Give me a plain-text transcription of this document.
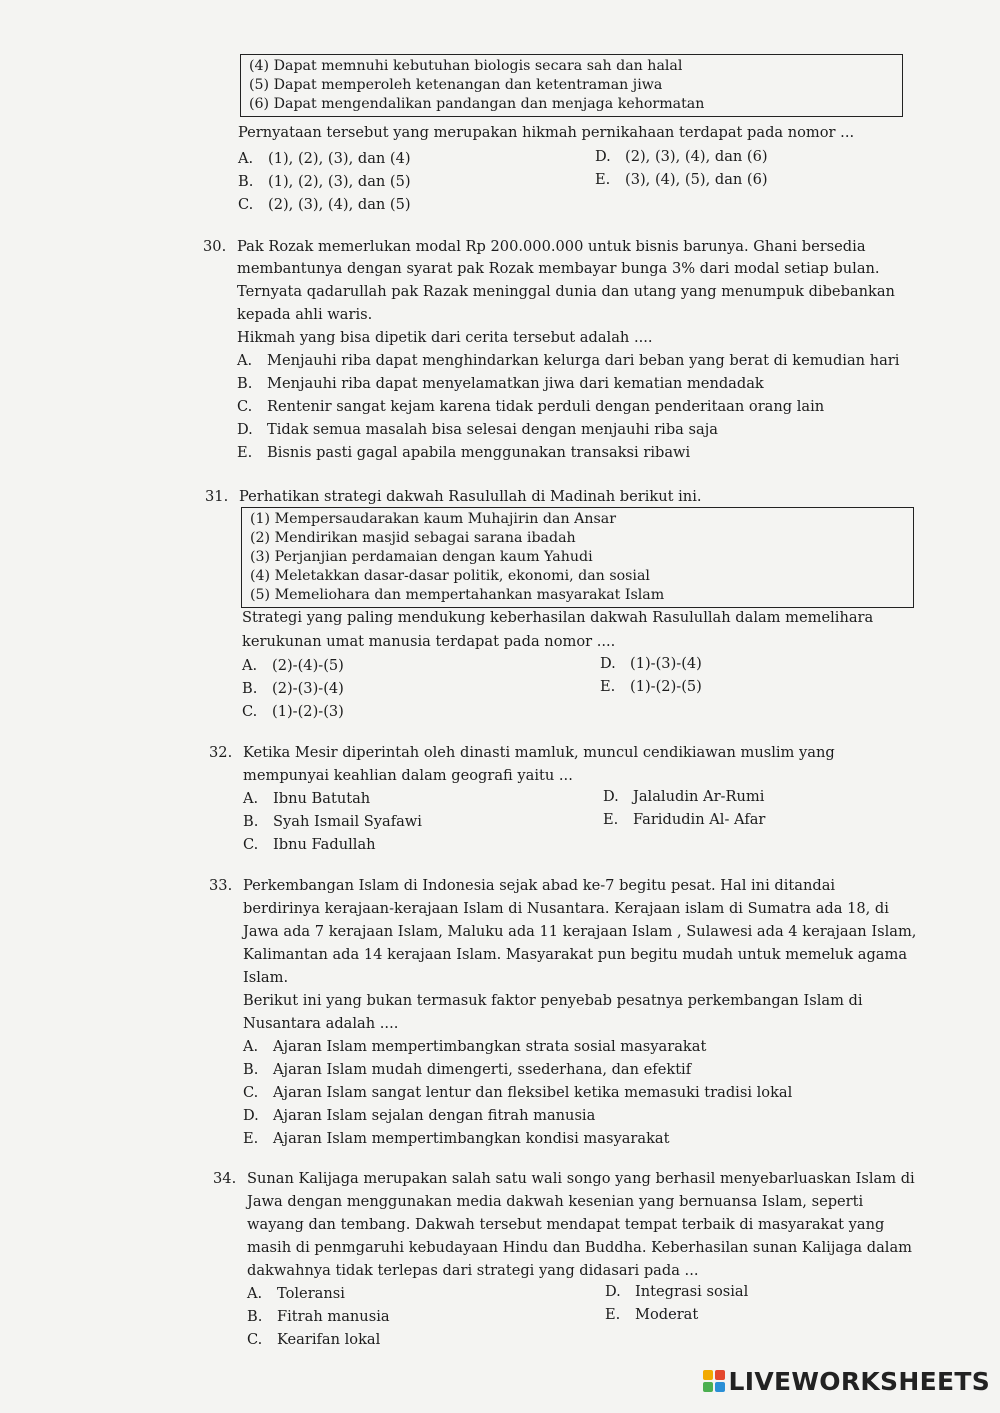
(4) Dapat memnuhi kebutuhan biologis secara sah dan halal
(5) Dapat memperoleh ketenangan dan ketentraman jiwa
(6) Dapat mengendalikan pandangan dan menjaga kehormatan
Pernyataan tersebut yang merupakan hikmah pernikahaan terdapat pada nomor ...
A. (1), (2), (3), dan (4)
B. (1), (2), (3), dan (5)
C. (2), (3), (4), dan (5)
D. (2), (3), (4), dan (6)
E. (3), (4), (5), dan (6)
30. Pak Rozak memerlukan modal Rp 200.000.000 untuk bisnis barunya. Ghani bersedia
membantunya dengan syarat pak Rozak membayar bunga 3% dari modal setiap bulan.
Ternyata qadarullah pak Razak meninggal dunia dan utang yang menumpuk dibebankan
kepada ahli waris.
Hikmah yang bisa dipetik dari cerita tersebut adalah ....
A. Menjauhi riba dapat menghindarkan kelurga dari beban yang berat di kemudian hari
B. Menjauhi riba dapat menyelamatkan jiwa dari kematian mendadak
C. Rentenir sangat kejam karena tidak perduli dengan penderitaan orang lain
D. Tidak semua masalah bisa selesai dengan menjauhi riba saja
E. Bisnis pasti gagal apabila menggunakan transaksi ribawi
31. Perhatikan strategi dakwah Rasulullah di Madinah berikut ini.
(1) Mempersaudarakan kaum Muhajirin dan Ansar
(2) Mendirikan masjid sebagai sarana ibadah
(3) Perjanjian perdamaian dengan kaum Yahudi
(4) Meletakkan dasar-dasar politik, ekonomi, dan sosial
(5) Memeliohara dan mempertahankan masyarakat Islam
Strategi yang paling mendukung keberhasilan dakwah Rasulullah dalam memelihara
kerukunan umat manusia terdapat pada nomor ....
A. (2)-(4)-(5)
B. (2)-(3)-(4)
C. (1)-(2)-(3)
D. (1)-(3)-(4)
E. (1)-(2)-(5)
32. Ketika Mesir diperintah oleh dinasti mamluk, muncul cendikiawan muslim yang
mempunyai keahlian dalam geografi yaitu ...
A. Ibnu Batutah
B. Syah Ismail Syafawi
C. Ibnu Fadullah
D. Jalaludin Ar-Rumi
E. Faridudin Al- Afar
33. Perkembangan Islam di Indonesia sejak abad ke-7 begitu pesat. Hal ini ditandai
berdirinya kerajaan-kerajaan Islam di Nusantara. Kerajaan islam di Sumatra ada 18, di
Jawa ada 7 kerajaan Islam, Maluku ada 11 kerajaan Islam , Sulawesi ada 4 kerajaan Islam,
Kalimantan ada 14 kerajaan Islam. Masyarakat pun begitu mudah untuk memeluk agama
Islam.
Berikut ini yang bukan termasuk faktor penyebab pesatnya perkembangan Islam di
Nusantara adalah ....
A. Ajaran Islam mempertimbangkan strata sosial masyarakat
B. Ajaran Islam mudah dimengerti, ssederhana, dan efektif
C. Ajaran Islam sangat lentur dan fleksibel ketika memasuki tradisi lokal
D. Ajaran Islam sejalan dengan fitrah manusia
E. Ajaran Islam mempertimbangkan kondisi masyarakat
34. Sunan Kalijaga merupakan salah satu wali songo yang berhasil menyebarluaskan Islam di
Jawa dengan menggunakan media dakwah kesenian yang bernuansa Islam, seperti
wayang dan tembang. Dakwah tersebut mendapat tempat terbaik di masyarakat yang
masih di penmgaruhi kebudayaan Hindu dan Buddha. Keberhasilan sunan Kalijaga dalam
dakwahnya tidak terlepas dari strategi yang didasari pada ...
A. Toleransi
B. Fitrah manusia
C. Kearifan lokal
D. Integrasi sosial
E. Moderat
LIVEWORKSHEETS
